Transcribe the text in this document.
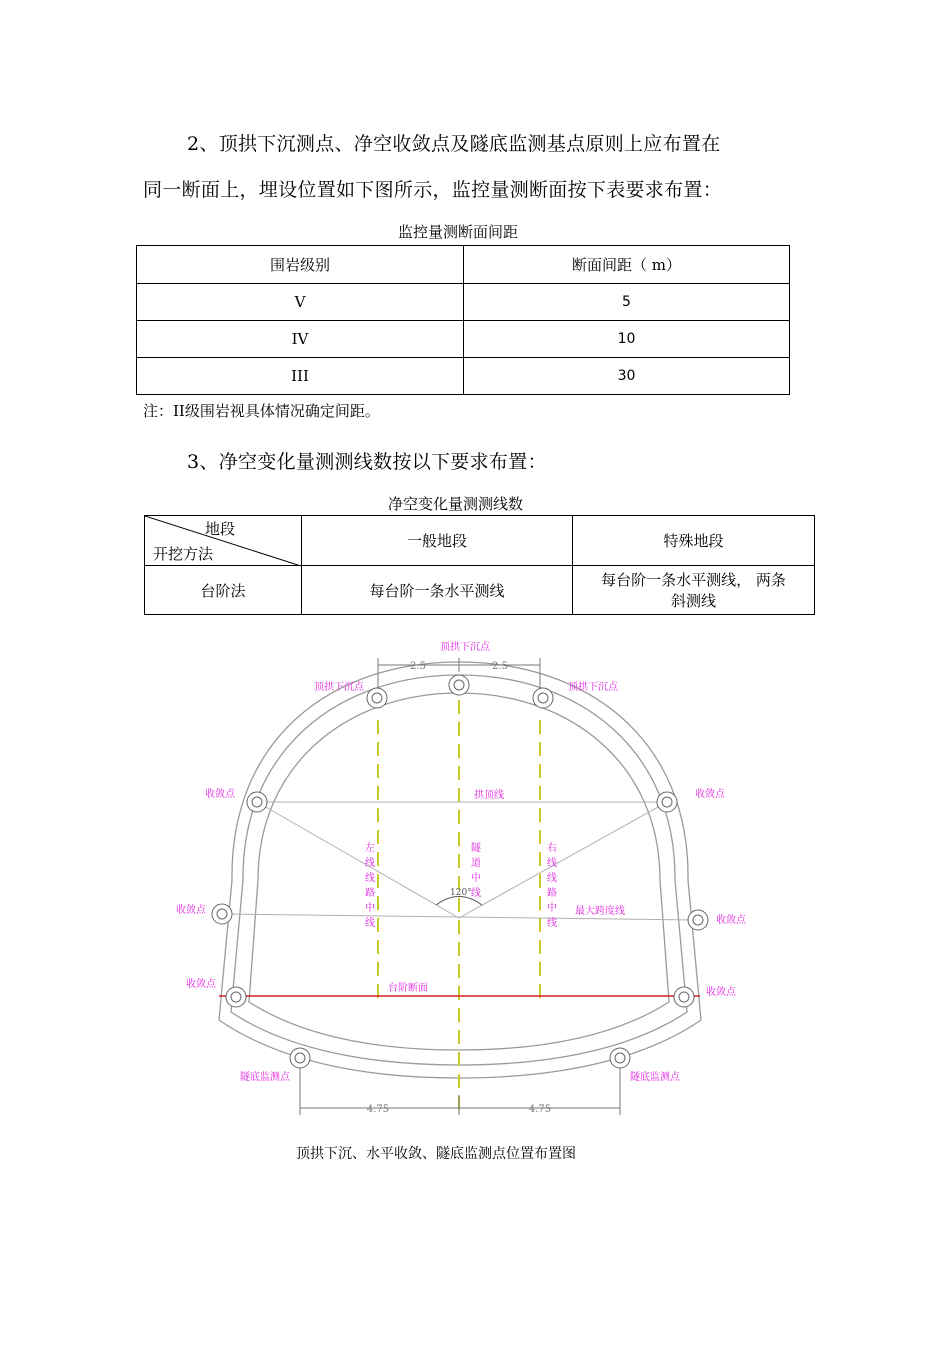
2、顶拱下沉测点、净空收敛点及隧底监测基点原则上应布置在
同一断面上，埋设位置如下图所示，监控量测断面按下表要求布置：
监控量测断面间距
围岩级别	断面间距（ m）
V	5
IV	10
III	30
注：II级围岩视具体情况确定间距。
3、净空变化量测测线数按以下要求布置：
净空变化量测测线数
地段
开挖方法	一般地段	特殊地段
台阶法	每台阶一条水平测线	每台阶一条水平测线， 两条
斜测线
2.5	2.5
4.75	4.75
顶拱下沉点
顶拱下沉点	顶拱下沉点
收敛点	收敛点
收敛点
收敛点
收敛点
收敛点
隧底监测点	隧底监测点
拱顶线
最大跨度线
台阶断面
左线线路中线	隧道中线	右线线路中线
120°
顶拱下沉、水平收敛、隧底监测点位置布置图
